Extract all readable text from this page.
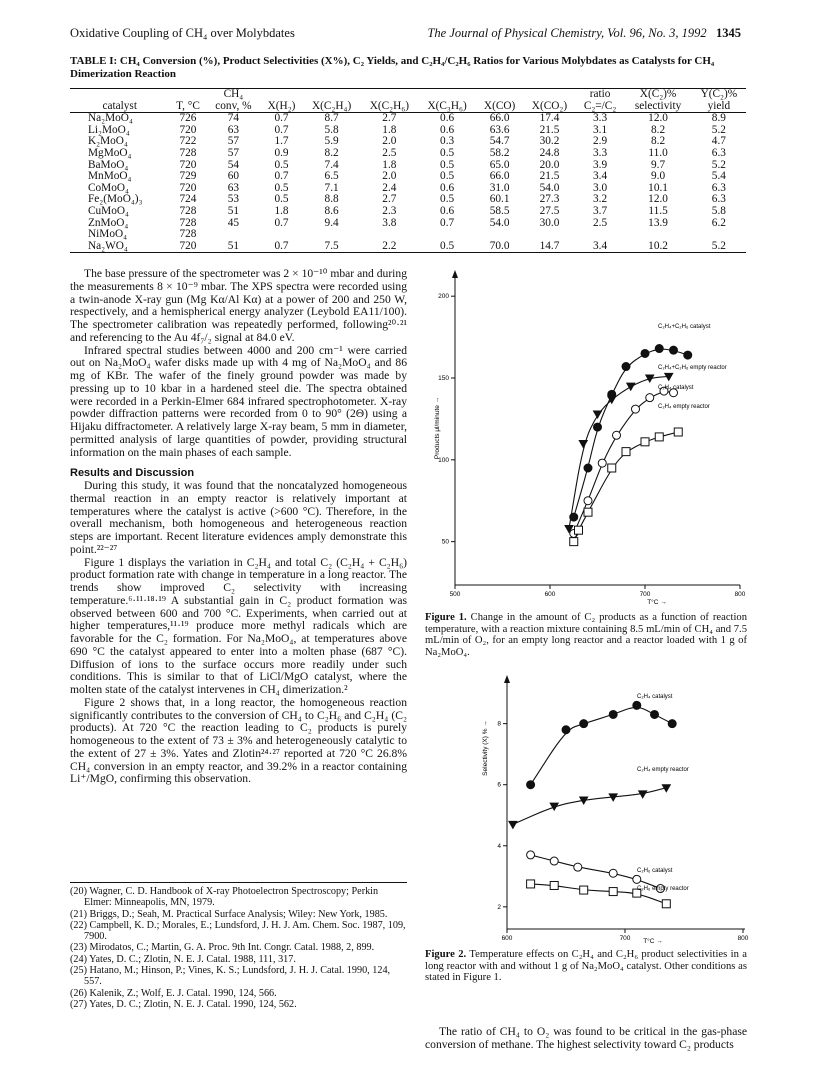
Oxidative Coupling of CH₄ over Molybdates	The Journal of Physical Chemistry, Vol. 96, No. 3, 1992 1345
TABLE I: CH₄ Conversion (%), Product Selectivities (X%), C₂ Yields, and C₂H₄/C₂H₆ Ratios for Various Molybdates as Catalysts for CH₄ Dimerization Reaction
		CH₄							ratio	X(C₂)%	Y(C₂)%
catalyst	T, °C	conv, %	X(H₂)	X(C₂H₄)	X(C₂H₆)	X(C₃H₆)	X(CO)	X(CO₂)	C₂=/C₂	selectivity	yield
Na₂MoO₄	726	74	0.7	8.7	2.7	0.6	66.0	17.4	3.3	12.0	8.9
Li₂MoO₄	720	63	0.7	5.8	1.8	0.6	63.6	21.5	3.1	8.2	5.2
K₂MoO₄	722	57	1.7	5.9	2.0	0.3	54.7	30.2	2.9	8.2	4.7
MgMoO₄	728	57	0.9	8.2	2.5	0.5	58.2	24.8	3.3	11.0	6.3
BaMoO₄	720	54	0.5	7.4	1.8	0.5	65.0	20.0	3.9	9.7	5.2
MnMoO₄	729	60	0.7	6.5	2.0	0.5	66.0	21.5	3.4	9.0	5.4
CoMoO₄	720	63	0.5	7.1	2.4	0.6	31.0	54.0	3.0	10.1	6.3
Fe₂(MoO₄)₃	724	53	0.5	8.8	2.7	0.5	60.1	27.3	3.2	12.0	6.3
CuMoO₄	728	51	1.8	8.6	2.3	0.6	58.5	27.5	3.7	11.5	5.8
ZnMoO₄	728	45	0.7	9.4	3.8	0.7	54.0	30.0	2.5	13.9	6.2
NiMoO₄	728										
Na₂WO₄	720	51	0.7	7.5	2.2	0.5	70.0	14.7	3.4	10.2	5.2

The base pressure of the spectrometer was 2 × 10⁻¹⁰ mbar and during the measurements 8 × 10⁻⁹ mbar. The XPS spectra were recorded using a twin-anode X-ray gun (Mg Kα/Al Kα) at a power of 200 and 250 W, respectively, and a hemispherical energy analyzer (Leybold EA11/100). The spectrometer calibration was repeatedly performed, following²⁰·²¹ and referencing to the Au 4f₇/₂ signal at 84.0 eV.

Infrared spectral studies between 4000 and 200 cm⁻¹ were carried out on Na₂MoO₄ wafer disks made up with 4 mg of Na₂MoO₄ and 86 mg of KBr. The wafer of the finely ground powder was made by pressing up to 10 kbar in a hardened steel die. The spectra obtained were recorded in a Perkin-Elmer 684 infrared spectrophotometer. X-ray powder diffraction patterns were recorded from 0 to 90° (2Θ) using a Hijaku diffractometer. A relatively large X-ray beam, 5 mm in diameter, permitted analysis of large quantities of powder, providing structural information on the main phases of each sample.

Results and Discussion

During this study, it was found that the noncatalyzed homogeneous thermal reaction in an empty reactor is relatively important at temperatures where the catalyst is active (>600 °C). Therefore, in the overall mechanism, both homogeneous and heterogeneous reaction steps are important. Recent literature evidences amply demonstrate this point.²²⁻²⁷

Figure 1 displays the variation in C₂H₄ and total C₂ (C₂H₄ + C₂H₆) product formation rate with change in temperature in a long reactor. The trends show improved C₂ selectivity with increasing temperature.⁶·¹¹·¹⁸·¹⁹ A substantial gain in C₂ product formation was observed between 600 and 700 °C. Experiments, when carried out at higher temperatures,¹¹·¹⁹ produce more methyl radicals which are favorable for the C₂ formation. For Na₂MoO₄, at temperatures above 690 °C the catalyst appeared to enter into a molten phase (687 °C). Diffusion of ions to the surface occurs more readily under such conditions. This is similar to that of LiCl/MgO catalyst, where the molten state of the catalyst intervenes in CH₄ dimerization.²

Figure 2 shows that, in a long reactor, the homogeneous reaction significantly contributes to the conversion of CH₄ to C₂H₆ and C₂H₄ (C₂ products). At 720 °C the reaction leading to C₂ products is purely homogeneous to the extent of 73 ± 3% and heterogeneously catalytic to the extent of 27 ± 3%. Yates and Zlotin²⁴·²⁷ reported at 720 °C 26.8% CH₄ conversion in an empty reactor, and 39.2% in a reactor containing Li⁺/MgO, confirming this observation.

(20) Wagner, C. D. Handbook of X-ray Photoelectron Spectroscopy; Perkin Elmer: Minneapolis, MN, 1979.
(21) Briggs, D.; Seah, M. Practical Surface Analysis; Wiley: New York, 1985.
(22) Campbell, K. D.; Morales, E.; Lundsford, J. H. J. Am. Chem. Soc. 1987, 109, 7900.
(23) Mirodatos, C.; Martin, G. A. Proc. 9th Int. Congr. Catal. 1988, 2, 899.
(24) Yates, D. C.; Zlotin, N. E. J. Catal. 1988, 111, 317.
(25) Hatano, M.; Hinson, P.; Vines, K. S.; Lundsford, J. H. J. Catal. 1990, 124, 557.
(26) Kalenik, Z.; Wolf, E. J. Catal. 1990, 124, 566.
(27) Yates, D. C.; Zlotin, N. E. J. Catal. 1990, 124, 562.
Products μl/minute →
T°C →
50
100
150
200
500	600	700	800
C₂H₄+C₂H₆ catalyst
C₂H₄+C₂H₆ empty reactor
C₂H₄ catalyst
C₂H₄ empty reactor
Figure 1. Change in the amount of C₂ products as a function of reaction temperature, with a reaction mixture containing 8.5 mL/min of CH₄ and 7.5 mL/min of O₂, for an empty long reactor and a reactor loaded with 1 g of Na₂MoO₄.
Selectivity (X) % →
T°C →
2
4
6
8
600	700	800
C₂H₄ catalyst
C₂H₄ empty reactor
C₂H₆ catalyst
C₂H₆ empty reactor
Figure 2. Temperature effects on C₂H₄ and C₂H₆ product selectivities in a long reactor with and without 1 g of Na₂MoO₄ catalyst. Other conditions as stated in Figure 1.
The ratio of CH₄ to O₂ was found to be critical in the gas-phase conversion of methane. The highest selectivity toward C₂ products
